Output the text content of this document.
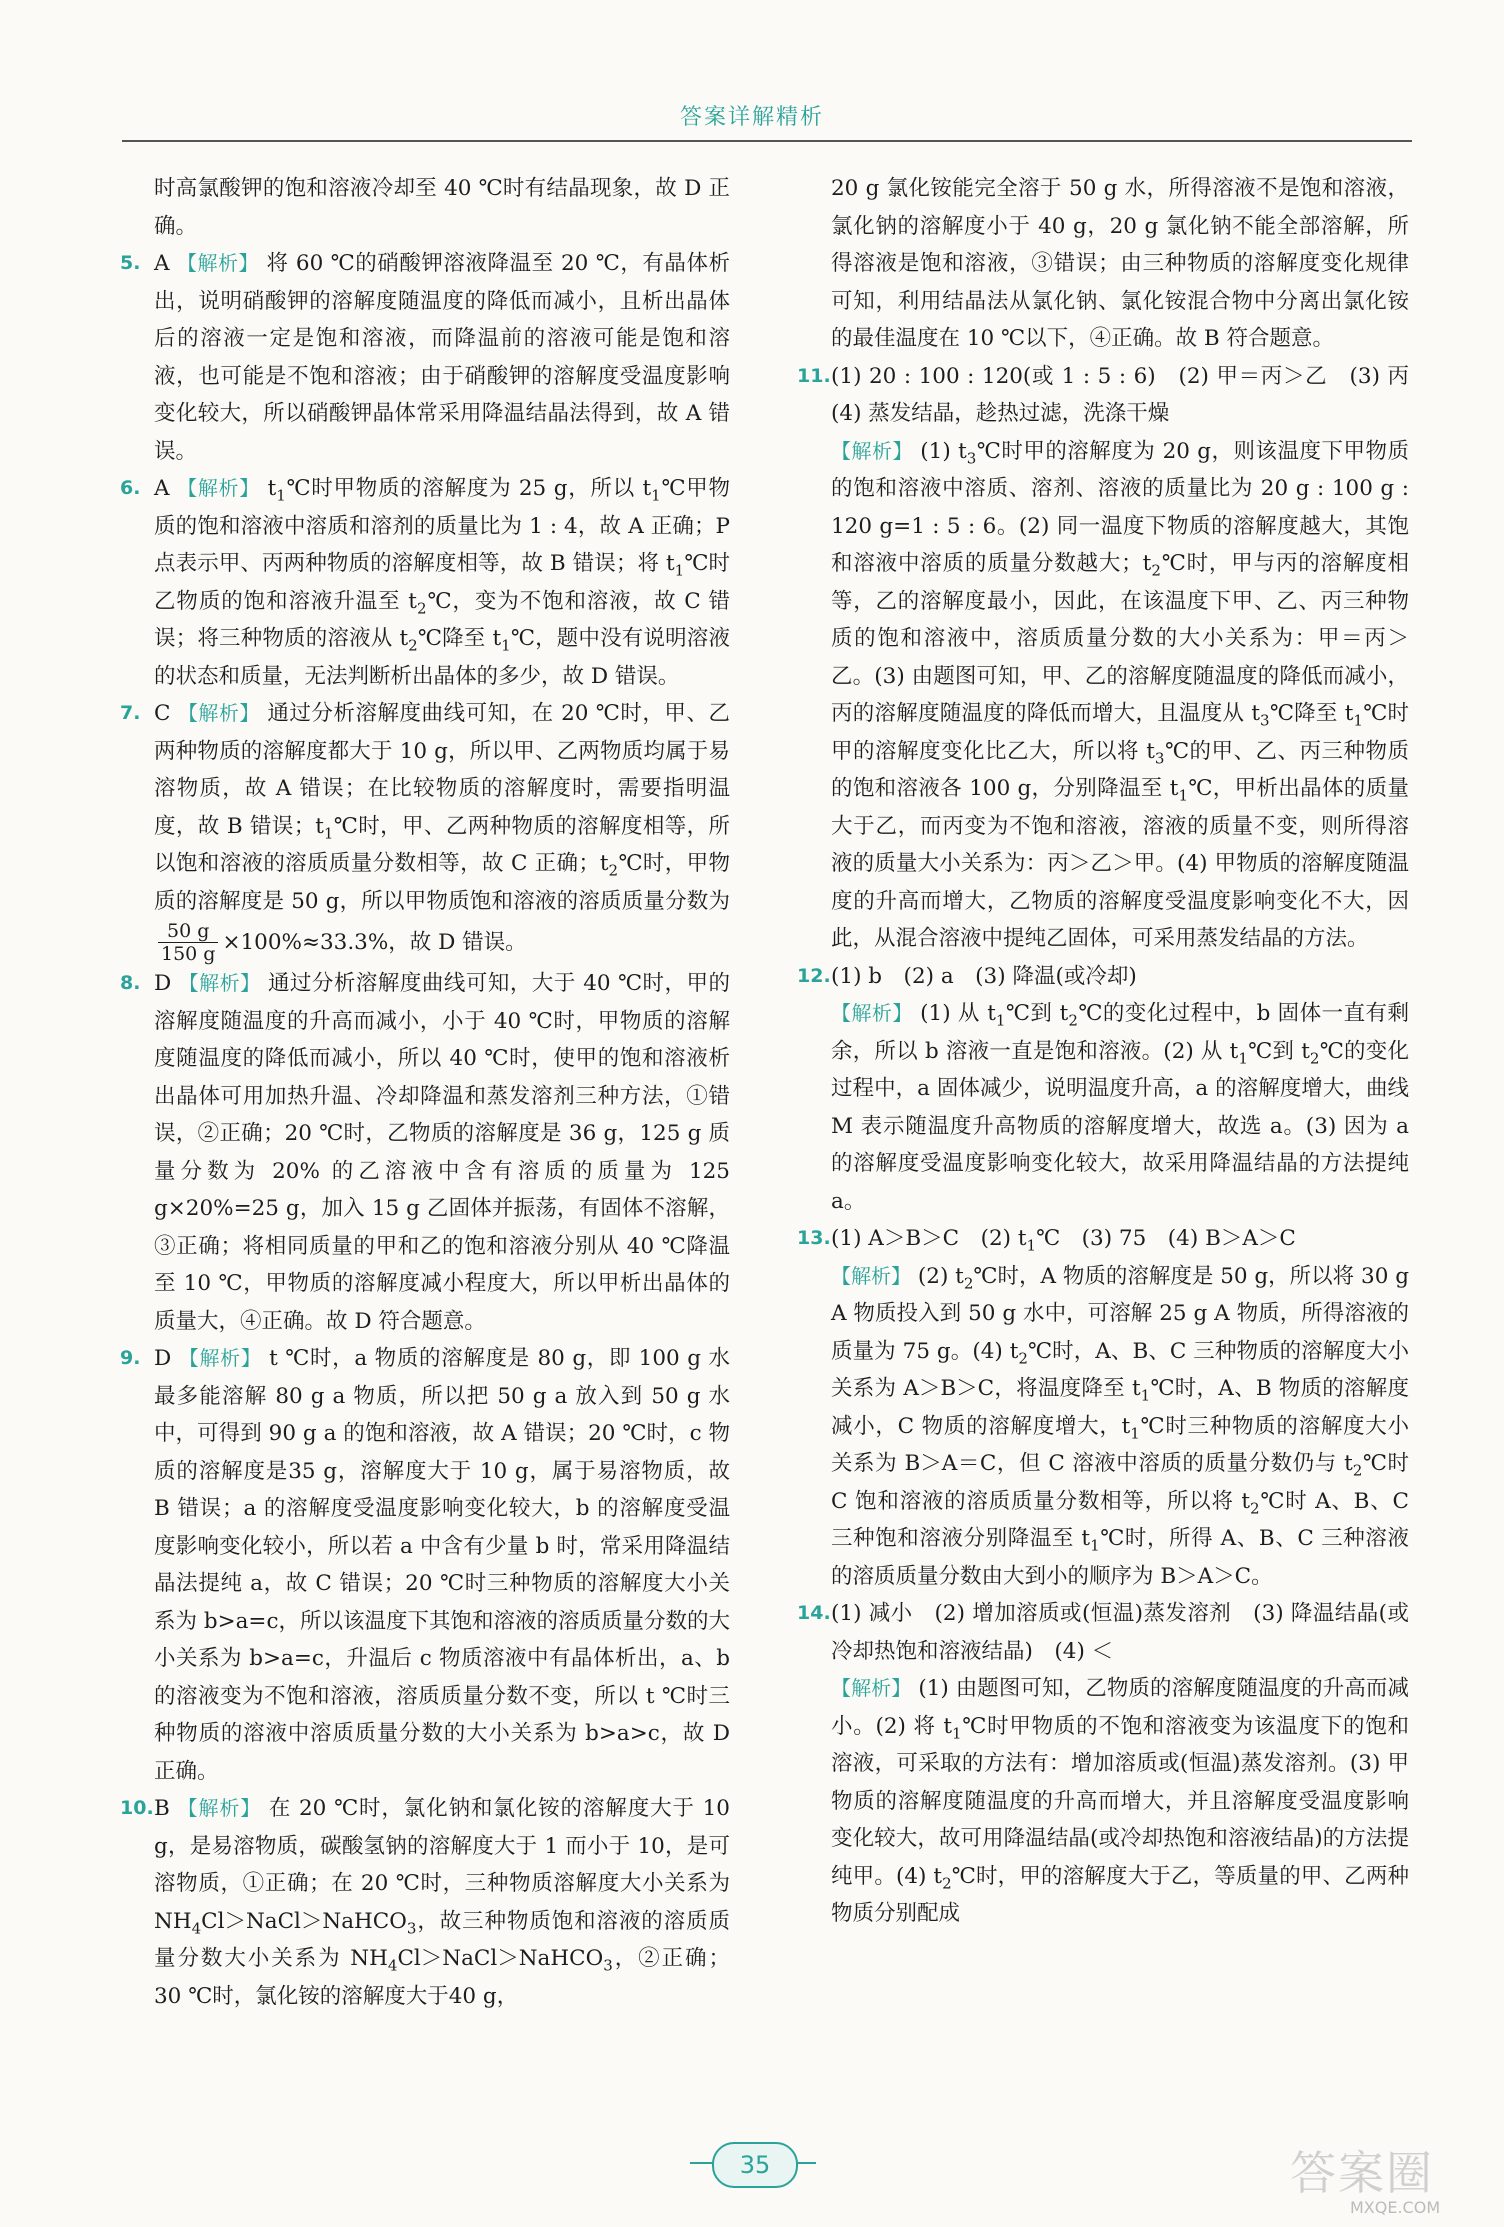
答案详解精析

时高氯酸钾的饱和溶液冷却至 40 ℃时有结晶现象，故 D 正确。

5. A 【解析】 将 60 ℃的硝酸钾溶液降温至 20 ℃，有晶体析出，说明硝酸钾的溶解度随温度的降低而减小，且析出晶体后的溶液一定是饱和溶液，而降温前的溶液可能是饱和溶液，也可能是不饱和溶液；由于硝酸钾的溶解度受温度影响变化较大，所以硝酸钾晶体常采用降温结晶法得到，故 A 错误。

6. A 【解析】 $t_1℃$时甲物质的溶解度为 25 g，所以 $t_1℃$甲物质的饱和溶液中溶质和溶剂的质量比为 1 : 4，故 A 正确；P 点表示甲、丙两种物质的溶解度相等，故 B 错误；将 $t_1℃$时乙物质的饱和溶液升温至 $t_2℃$，变为不饱和溶液，故 C 错误；将三种物质的溶液从 $t_2℃$降至 $t_1℃$，题中没有说明溶液的状态和质量，无法判断析出晶体的多少，故 D 错误。

7. C 【解析】 通过分析溶解度曲线可知，在 20 ℃时，甲、乙两种物质的溶解度都大于 10 g，所以甲、乙两物质均属于易溶物质，故 A 错误；在比较物质的溶解度时，需要指明温度，故 B 错误；$t_1℃$时，甲、乙两种物质的溶解度相等，所以饱和溶液的溶质质量分数相等，故 C 正确；$t_2℃$时，甲物质的溶解度是 50 g，所以甲物质饱和溶液的溶质质量分数为
$\frac{50 g}{150 g} \times 100\%\approx 33.3\%$，故 D 错误。

8. D 【解析】 通过分析溶解度曲线可知，大于 40 ℃时，甲的溶解度随温度的升高而减小，小于 40 ℃时，甲物质的溶解度随温度的降低而减小，所以 40 ℃时，使甲的饱和溶液析出晶体可用加热升温、冷却降温和蒸发溶剂三种方法，①错误，②正确；20 ℃时，乙物质的溶解度是 36 g，125 g 质量分数为 20% 的乙溶液中含有溶质的质量为 125 g×20%=25 g，加入 15 g 乙固体并振荡，有固体不溶解，③正确；将相同质量的甲和乙的饱和溶液分别从 40 ℃降温至 10 ℃，甲物质的溶解度减小程度大，所以甲析出晶体的质量大，④正确。故 D 符合题意。

9. D 【解析】 t ℃时，a 物质的溶解度是 80 g，即 100 g 水最多能溶解 80 g a 物质，所以把 50 g a 放入到 50 g 水中，可得到 90 g a 的饱和溶液，故 A 错误；20 ℃时，c 物质的溶解度是35 g，溶解度大于 10 g，属于易溶物质，故 B 错误；a 的溶解度受温度影响变化较大，b 的溶解度受温度影响变化较小，所以若 a 中含有少量 b 时，常采用降温结晶法提纯 a，故 C 错误；20 ℃时三种物质的溶解度大小关系为 b>a=c，所以该温度下其饱和溶液的溶质质量分数的大小关系为 b>a=c，升温后 c 物质溶液中有晶体析出，a、b 的溶液变为不饱和溶液，溶质质量分数不变，所以 t ℃时三种物质的溶液中溶质质量分数的大小关系为 b>a>c，故 D 正确。

10. B 【解析】 在 20 ℃时，氯化钠和氯化铵的溶解度大于 10 g，是易溶物质，碳酸氢钠的溶解度大于 1 而小于 10，是可溶物质，①正确；在 20 ℃时，三种物质溶解度大小关系为 $NH_4Cl>NaCl>NaHCO_3$，故三种物质饱和溶液的溶质质量分数大小关系为 $NH_4Cl>NaCl>NaHCO_3$，②正确；30 ℃时，氯化铵的溶解度大于40 g，

20 g 氯化铵能完全溶于 50 g 水，所得溶液不是饱和溶液，氯化钠的溶解度小于 40 g，20 g 氯化钠不能全部溶解，所得溶液是饱和溶液，③错误；由三种物质的溶解度变化规律可知，利用结晶法从氯化钠、氯化铵混合物中分离出氯化铵的最佳温度在 10 ℃以下，④正确。故 B 符合题意。

11. (1) 20 : 100 : 120(或 1 : 5 : 6)　(2) 甲＝丙＞乙　(3) 丙　(4) 蒸发结晶，趁热过滤，洗涤干燥
【解析】 (1) $t_3℃$时甲的溶解度为 20 g，则该温度下甲物质的饱和溶液中溶质、溶剂、溶液的质量比为 20 g : 100 g : 120 g=1 : 5 : 6。(2) 同一温度下物质的溶解度越大，其饱和溶液中溶质的质量分数越大；$t_2℃$时，甲与丙的溶解度相等，乙的溶解度最小，因此，在该温度下甲、乙、丙三种物质的饱和溶液中，溶质质量分数的大小关系为：甲＝丙＞乙。(3) 由题图可知，甲、乙的溶解度随温度的降低而减小，丙的溶解度随温度的降低而增大，且温度从 $t_3℃$降至 $t_1℃$时甲的溶解度变化比乙大，所以将 $t_3℃$的甲、乙、丙三种物质的饱和溶液各 100 g，分别降温至 $t_1℃$，甲析出晶体的质量大于乙，而丙变为不饱和溶液，溶液的质量不变，则所得溶液的质量大小关系为：丙＞乙＞甲。(4) 甲物质的溶解度随温度的升高而增大，乙物质的溶解度受温度影响变化不大，因此，从混合溶液中提纯乙固体，可采用蒸发结晶的方法。

12. (1) b　(2) a　(3) 降温(或冷却)
【解析】 (1) 从 $t_1℃$到 $t_2℃$的变化过程中，b 固体一直有剩余，所以 b 溶液一直是饱和溶液。(2) 从 $t_1℃$到 $t_2℃$的变化过程中，a 固体减少，说明温度升高，a 的溶解度增大，曲线 M 表示随温度升高物质的溶解度增大，故选 a。(3) 因为 a 的溶解度受温度影响变化较大，故采用降温结晶的方法提纯 a。

13. (1) A＞B＞C　(2) $t_1℃$　(3) 75　(4) B＞A＞C
【解析】 (2) $t_2℃$时，A 物质的溶解度是 50 g，所以将 30 g A 物质投入到 50 g 水中，可溶解 25 g A 物质，所得溶液的质量为 75 g。(4) $t_2℃$时，A、B、C 三种物质的溶解度大小关系为 A＞B＞C，将温度降至 $t_1℃$时，A、B 物质的溶解度减小，C 物质的溶解度增大，$t_1℃$时三种物质的溶解度大小关系为 B＞A＝C，但 C 溶液中溶质的质量分数仍与 $t_2℃$时 C 饱和溶液的溶质质量分数相等，所以将 $t_2℃$时 A、B、C 三种饱和溶液分别降温至 $t_1℃$时，所得 A、B、C 三种溶液的溶质质量分数由大到小的顺序为 B＞A＞C。

14. (1) 减小　(2) 增加溶质或(恒温)蒸发溶剂　(3) 降温结晶(或冷却热饱和溶液结晶)　(4) ＜
【解析】 (1) 由题图可知，乙物质的溶解度随温度的升高而减小。(2) 将 $t_1℃$时甲物质的不饱和溶液变为该温度下的饱和溶液，可采取的方法有：增加溶质或(恒温)蒸发溶剂。(3) 甲物质的溶解度随温度的升高而增大，并且溶解度受温度影响变化较大，故可用降温结晶(或冷却热饱和溶液结晶)的方法提纯甲。(4) $t_2℃$时，甲的溶解度大于乙，等质量的甲、乙两种物质分别配成

35	答案圈
MXQE.COM
